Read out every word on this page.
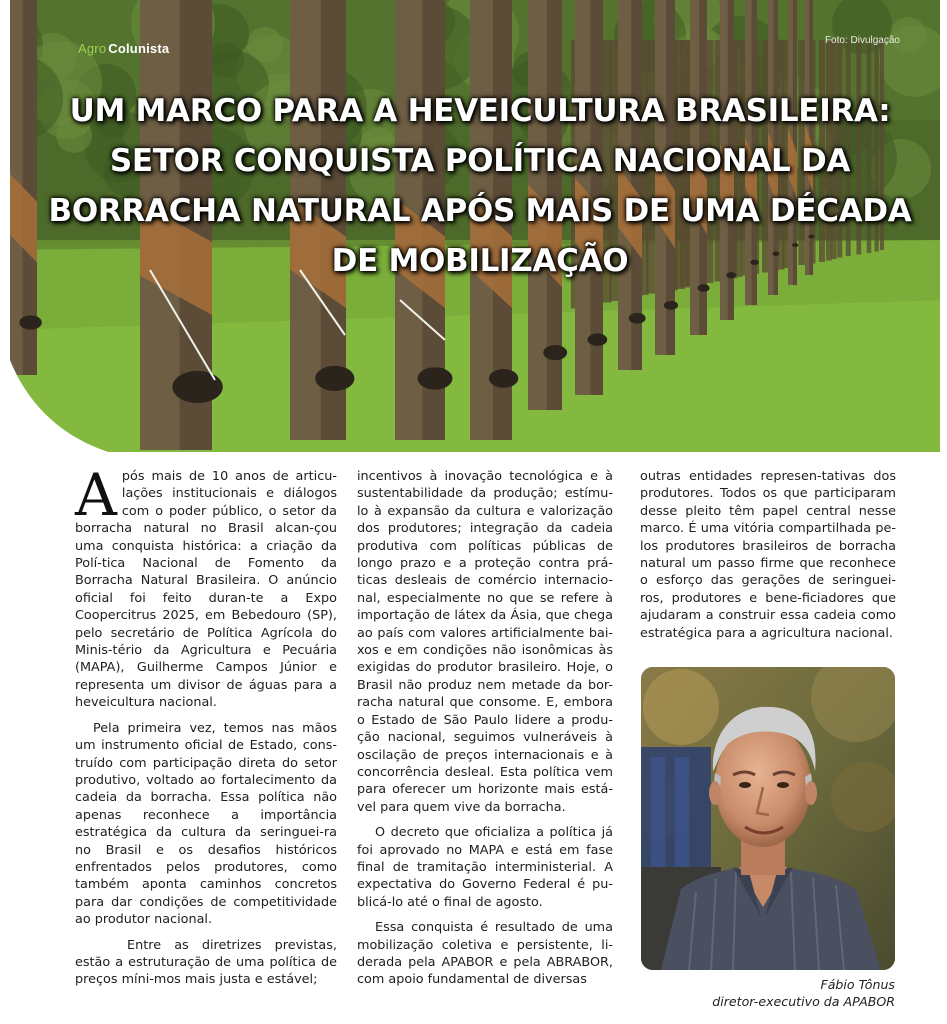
Agro Colunista
Foto: Divulgação
UM MARCO PARA A HEVEICULTURA BRASILEIRA: SETOR CONQUISTA POLÍTICA NACIONAL DA BORRACHA NATURAL APÓS MAIS DE UMA DÉCADA DE MOBILIZAÇÃO

Após mais de 10 anos de articu-lações institucionais e diálogos com o poder público, o setor da borracha natural no Brasil alcan-çou uma conquista histórica: a criação da Polí-tica Nacional de Fomento da Borracha Natural Brasileira. O anúncio oficial foi feito duran-te a Expo Coopercitrus 2025, em Bebedouro (SP), pelo secretário de Política Agrícola do Minis-tério da Agricultura e Pecuária (MAPA), Guilherme Campos Júnior e representa um divisor de águas para a heveicultura nacional.

Pela primeira vez, temos nas mãos um instrumento oficial de Estado, cons-truído com participação direta do setor produtivo, voltado ao fortalecimento da cadeia da borracha. Essa política não apenas reconhece a importância estratégica da cultura da seringuei-ra no Brasil e os desafios históricos enfrentados pelos produtores, como também aponta caminhos concretos para dar condições de competitividade ao produtor nacional.

Entre as diretrizes previstas, estão a estruturação de uma política de preços míni-mos mais justa e estável;

incentivos à inovação tecnológica e à sustentabilidade da produção; estímu-lo à expansão da cultura e valorização dos produtores; integração da cadeia produtiva com políticas públicas de longo prazo e a proteção contra prá-ticas desleais de comércio internacio-nal, especialmente no que se refere à importação de látex da Ásia, que chega ao país com valores artificialmente bai-xos e em condições não isonômicas às exigidas do produtor brasileiro. Hoje, o Brasil não produz nem metade da bor-racha natural que consome. E, embora o Estado de São Paulo lidere a produ-ção nacional, seguimos vulneráveis à oscilação de preços internacionais e à concorrência desleal. Esta política vem para oferecer um horizonte mais está-vel para quem vive da borracha.

O decreto que oficializa a política já foi aprovado no MAPA e está em fase final de tramitação interministerial. A expectativa do Governo Federal é pu-blicá-lo até o final de agosto.

Essa conquista é resultado de uma mobilização coletiva e persistente, li-derada pela APABOR e pela ABRABOR, com apoio fundamental de diversas

outras entidades represen-tativas dos produtores. Todos os que participaram desse pleito têm papel central nesse marco. É uma vitória compartilhada pe-los produtores brasileiros de borracha natural um passo firme que reconhece o esforço das gerações de seringuei-ros, produtores e bene-ficiadores que ajudaram a construir essa cadeia como estratégica para a agricultura nacional.

Fábio Tônus

diretor-executivo da APABOR
